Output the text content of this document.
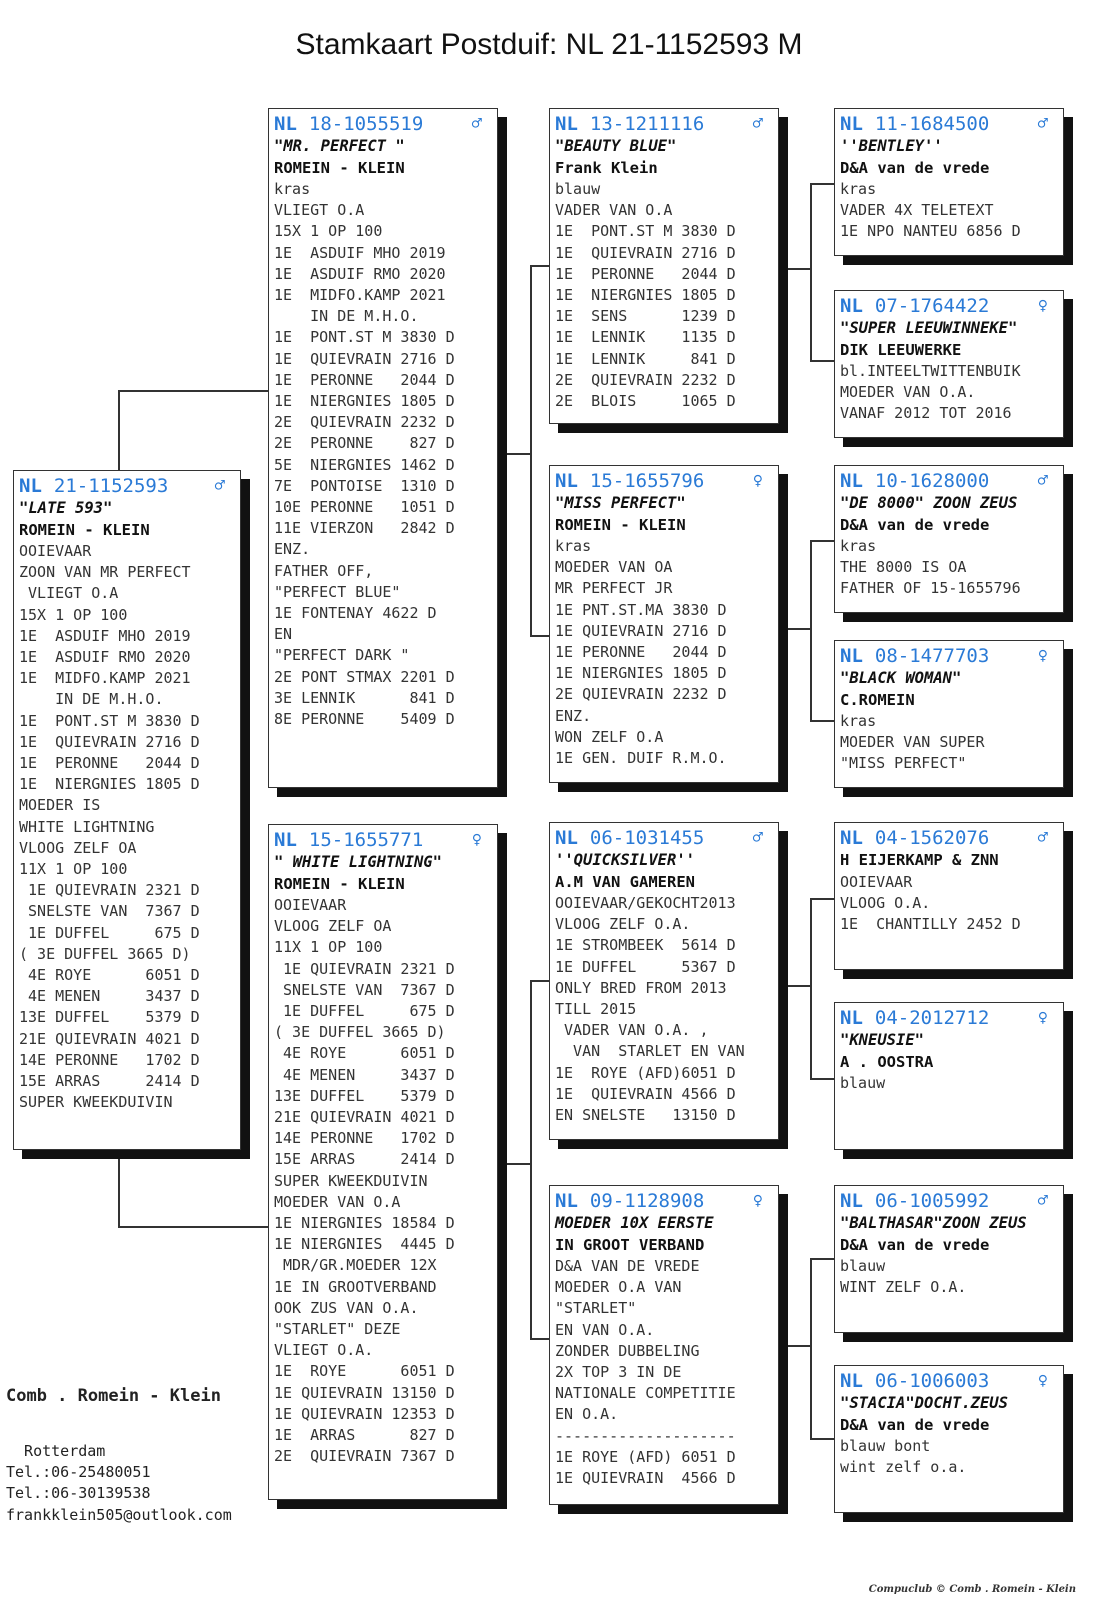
Stamkaart Postduif: NL 21-1152593 M
NL 21-1152593	♂
"LATE 593"
ROMEIN - KLEIN
OOIEVAAR
ZOON VAN MR PERFECT
VLIEGT O.A
15X 1 OP 100
1E  ASDUIF MHO 2019
1E  ASDUIF RMO 2020
1E  MIDFO.KAMP 2021
IN DE M.H.O.
1E  PONT.ST M 3830 D
1E  QUIEVRAIN 2716 D
1E  PERONNE   2044 D
1E  NIERGNIES 1805 D
MOEDER IS
WHITE LIGHTNING
VLOOG ZELF OA
11X 1 OP 100
1E QUIEVRAIN 2321 D
SNELSTE VAN  7367 D
1E DUFFEL     675 D
( 3E DUFFEL 3665 D)
4E ROYE      6051 D
4E MENEN     3437 D
13E DUFFEL    5379 D
21E QUIEVRAIN 4021 D
14E PERONNE   1702 D
15E ARRAS     2414 D
SUPER KWEEKDUIVIN
NL 18-1055519	♂
"MR. PERFECT "
ROMEIN - KLEIN
kras
VLIEGT O.A
15X 1 OP 100
1E  ASDUIF MHO 2019
1E  ASDUIF RMO 2020
1E  MIDFO.KAMP 2021
IN DE M.H.O.
1E  PONT.ST M 3830 D
1E  QUIEVRAIN 2716 D
1E  PERONNE   2044 D
1E  NIERGNIES 1805 D
2E  QUIEVRAIN 2232 D
2E  PERONNE    827 D
5E  NIERGNIES 1462 D
7E  PONTOISE  1310 D
10E PERONNE   1051 D
11E VIERZON   2842 D
ENZ.
FATHER OFF,
"PERFECT BLUE"
1E FONTENAY 4622 D
EN
"PERFECT DARK "
2E PONT STMAX 2201 D
3E LENNIK      841 D
8E PERONNE    5409 D
NL 15-1655771	♀
" WHITE LIGHTNING"
ROMEIN - KLEIN
OOIEVAAR
VLOOG ZELF OA
11X 1 OP 100
1E QUIEVRAIN 2321 D
SNELSTE VAN  7367 D
1E DUFFEL     675 D
( 3E DUFFEL 3665 D)
4E ROYE      6051 D
4E MENEN     3437 D
13E DUFFEL    5379 D
21E QUIEVRAIN 4021 D
14E PERONNE   1702 D
15E ARRAS     2414 D
SUPER KWEEKDUIVIN
MOEDER VAN O.A
1E NIERGNIES 18584 D
1E NIERGNIES  4445 D
MDR/GR.MOEDER 12X
1E IN GROOTVERBAND
OOK ZUS VAN O.A.
"STARLET" DEZE
VLIEGT O.A.
1E  ROYE      6051 D
1E QUIEVRAIN 13150 D
1E QUIEVRAIN 12353 D
1E  ARRAS      827 D
2E  QUIEVRAIN 7367 D
NL 13-1211116	♂
"BEAUTY BLUE"
Frank Klein
blauw
VADER VAN O.A
1E  PONT.ST M 3830 D
1E  QUIEVRAIN 2716 D
1E  PERONNE   2044 D
1E  NIERGNIES 1805 D
1E  SENS      1239 D
1E  LENNIK    1135 D
1E  LENNIK     841 D
2E  QUIEVRAIN 2232 D
2E  BLOIS     1065 D
NL 15-1655796	♀
"MISS PERFECT"
ROMEIN - KLEIN
kras
MOEDER VAN OA
MR PERFECT JR
1E PNT.ST.MA 3830 D
1E QUIEVRAIN 2716 D
1E PERONNE   2044 D
1E NIERGNIES 1805 D
2E QUIEVRAIN 2232 D
ENZ.
WON ZELF O.A
1E GEN. DUIF R.M.O.
NL 06-1031455	♂
''QUICKSILVER''
A.M VAN GAMEREN
OOIEVAAR/GEKOCHT2013
VLOOG ZELF O.A.
1E STROMBEEK  5614 D
1E DUFFEL     5367 D
ONLY BRED FROM 2013
TILL 2015
VADER VAN O.A. ,
VAN  STARLET EN VAN
1E  ROYE (AFD)6051 D
1E  QUIEVRAIN 4566 D
EN SNELSTE   13150 D
NL 09-1128908	♀
MOEDER 10X EERSTE
IN GROOT VERBAND
D&A VAN DE VREDE
MOEDER O.A VAN
"STARLET"
EN VAN O.A.
ZONDER DUBBELING
2X TOP 3 IN DE
NATIONALE COMPETITIE
EN O.A.
--------------------
1E ROYE (AFD) 6051 D
1E QUIEVRAIN  4566 D
NL 11-1684500	♂
''BENTLEY''
D&A van de vrede
kras
VADER 4X TELETEXT
1E NPO NANTEU 6856 D
NL 07-1764422	♀
"SUPER LEEUWINNEKE"
DIK LEEUWERKE
bl.INTEELTWITTENBUIK
MOEDER VAN O.A.
VANAF 2012 TOT 2016
NL 10-1628000	♂
"DE 8000" ZOON ZEUS
D&A van de vrede
kras
THE 8000 IS OA
FATHER OF 15-1655796
NL 08-1477703	♀
"BLACK WOMAN"
C.ROMEIN
kras
MOEDER VAN SUPER
"MISS PERFECT"
NL 04-1562076	♂
H EIJERKAMP & ZNN
OOIEVAAR
VLOOG O.A.
1E  CHANTILLY 2452 D
NL 04-2012712	♀
"KNEUSIE"
A . OOSTRA
blauw
NL 06-1005992	♂
"BALTHASAR"ZOON ZEUS
D&A van de vrede
blauw
WINT ZELF O.A.
NL 06-1006003	♀
"STACIA"DOCHT.ZEUS
D&A van de vrede
blauw bont
wint zelf o.a.
Comb . Romein - Klein
Rotterdam
Tel.:06-25480051
Tel.:06-30139538
frankklein505@outlook.com
Compuclub © Comb . Romein - Klein
